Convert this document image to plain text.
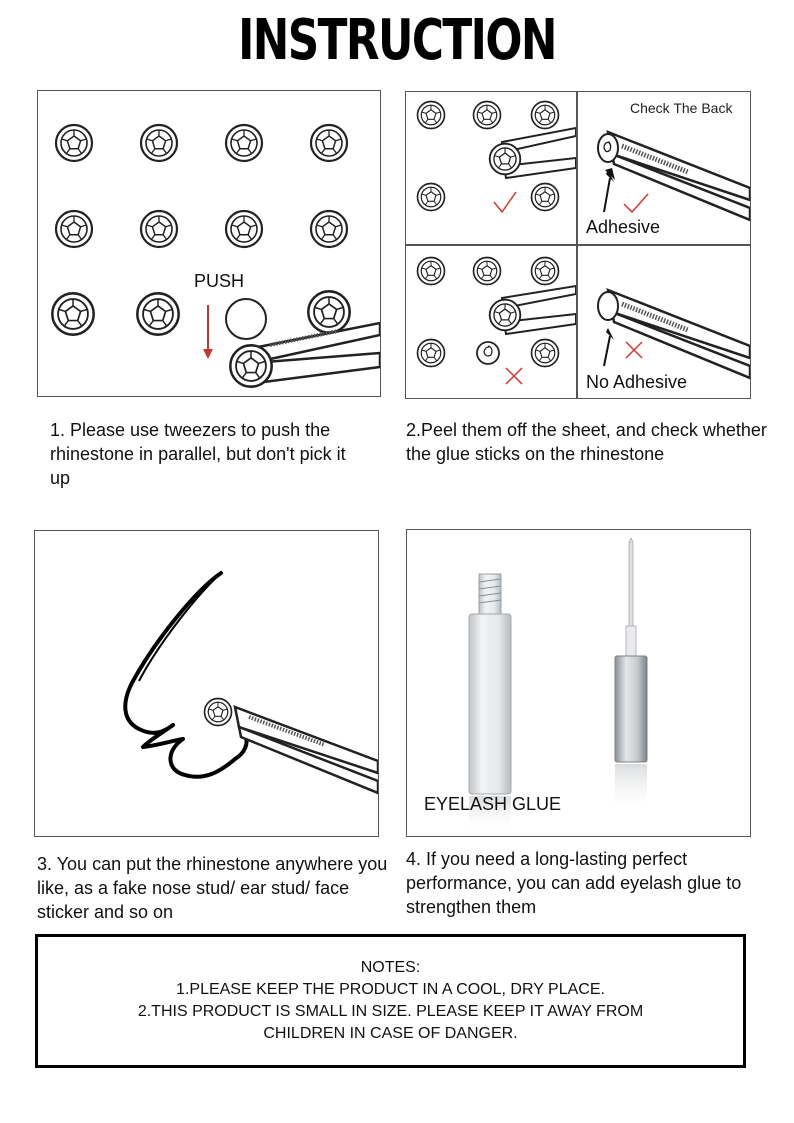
INSTRUCTION
PUSH
1. Please use tweezers to push the rhinestone in parallel, but don't pick it up
Check The Back
Adhesive
No Adhesive
2.Peel them off the sheet, and check whether the glue sticks on the rhinestone
3. You can put the rhinestone anywhere you like, as a fake nose stud/ ear stud/ face sticker and so on
EYELASH GLUE
4. If you need a long-lasting perfect performance, you can add eyelash glue to strengthen them
NOTES:
1.PLEASE KEEP THE PRODUCT IN A COOL, DRY PLACE.
2.THIS PRODUCT IS SMALL IN SIZE. PLEASE KEEP IT AWAY FROM
CHILDREN IN CASE OF DANGER.
